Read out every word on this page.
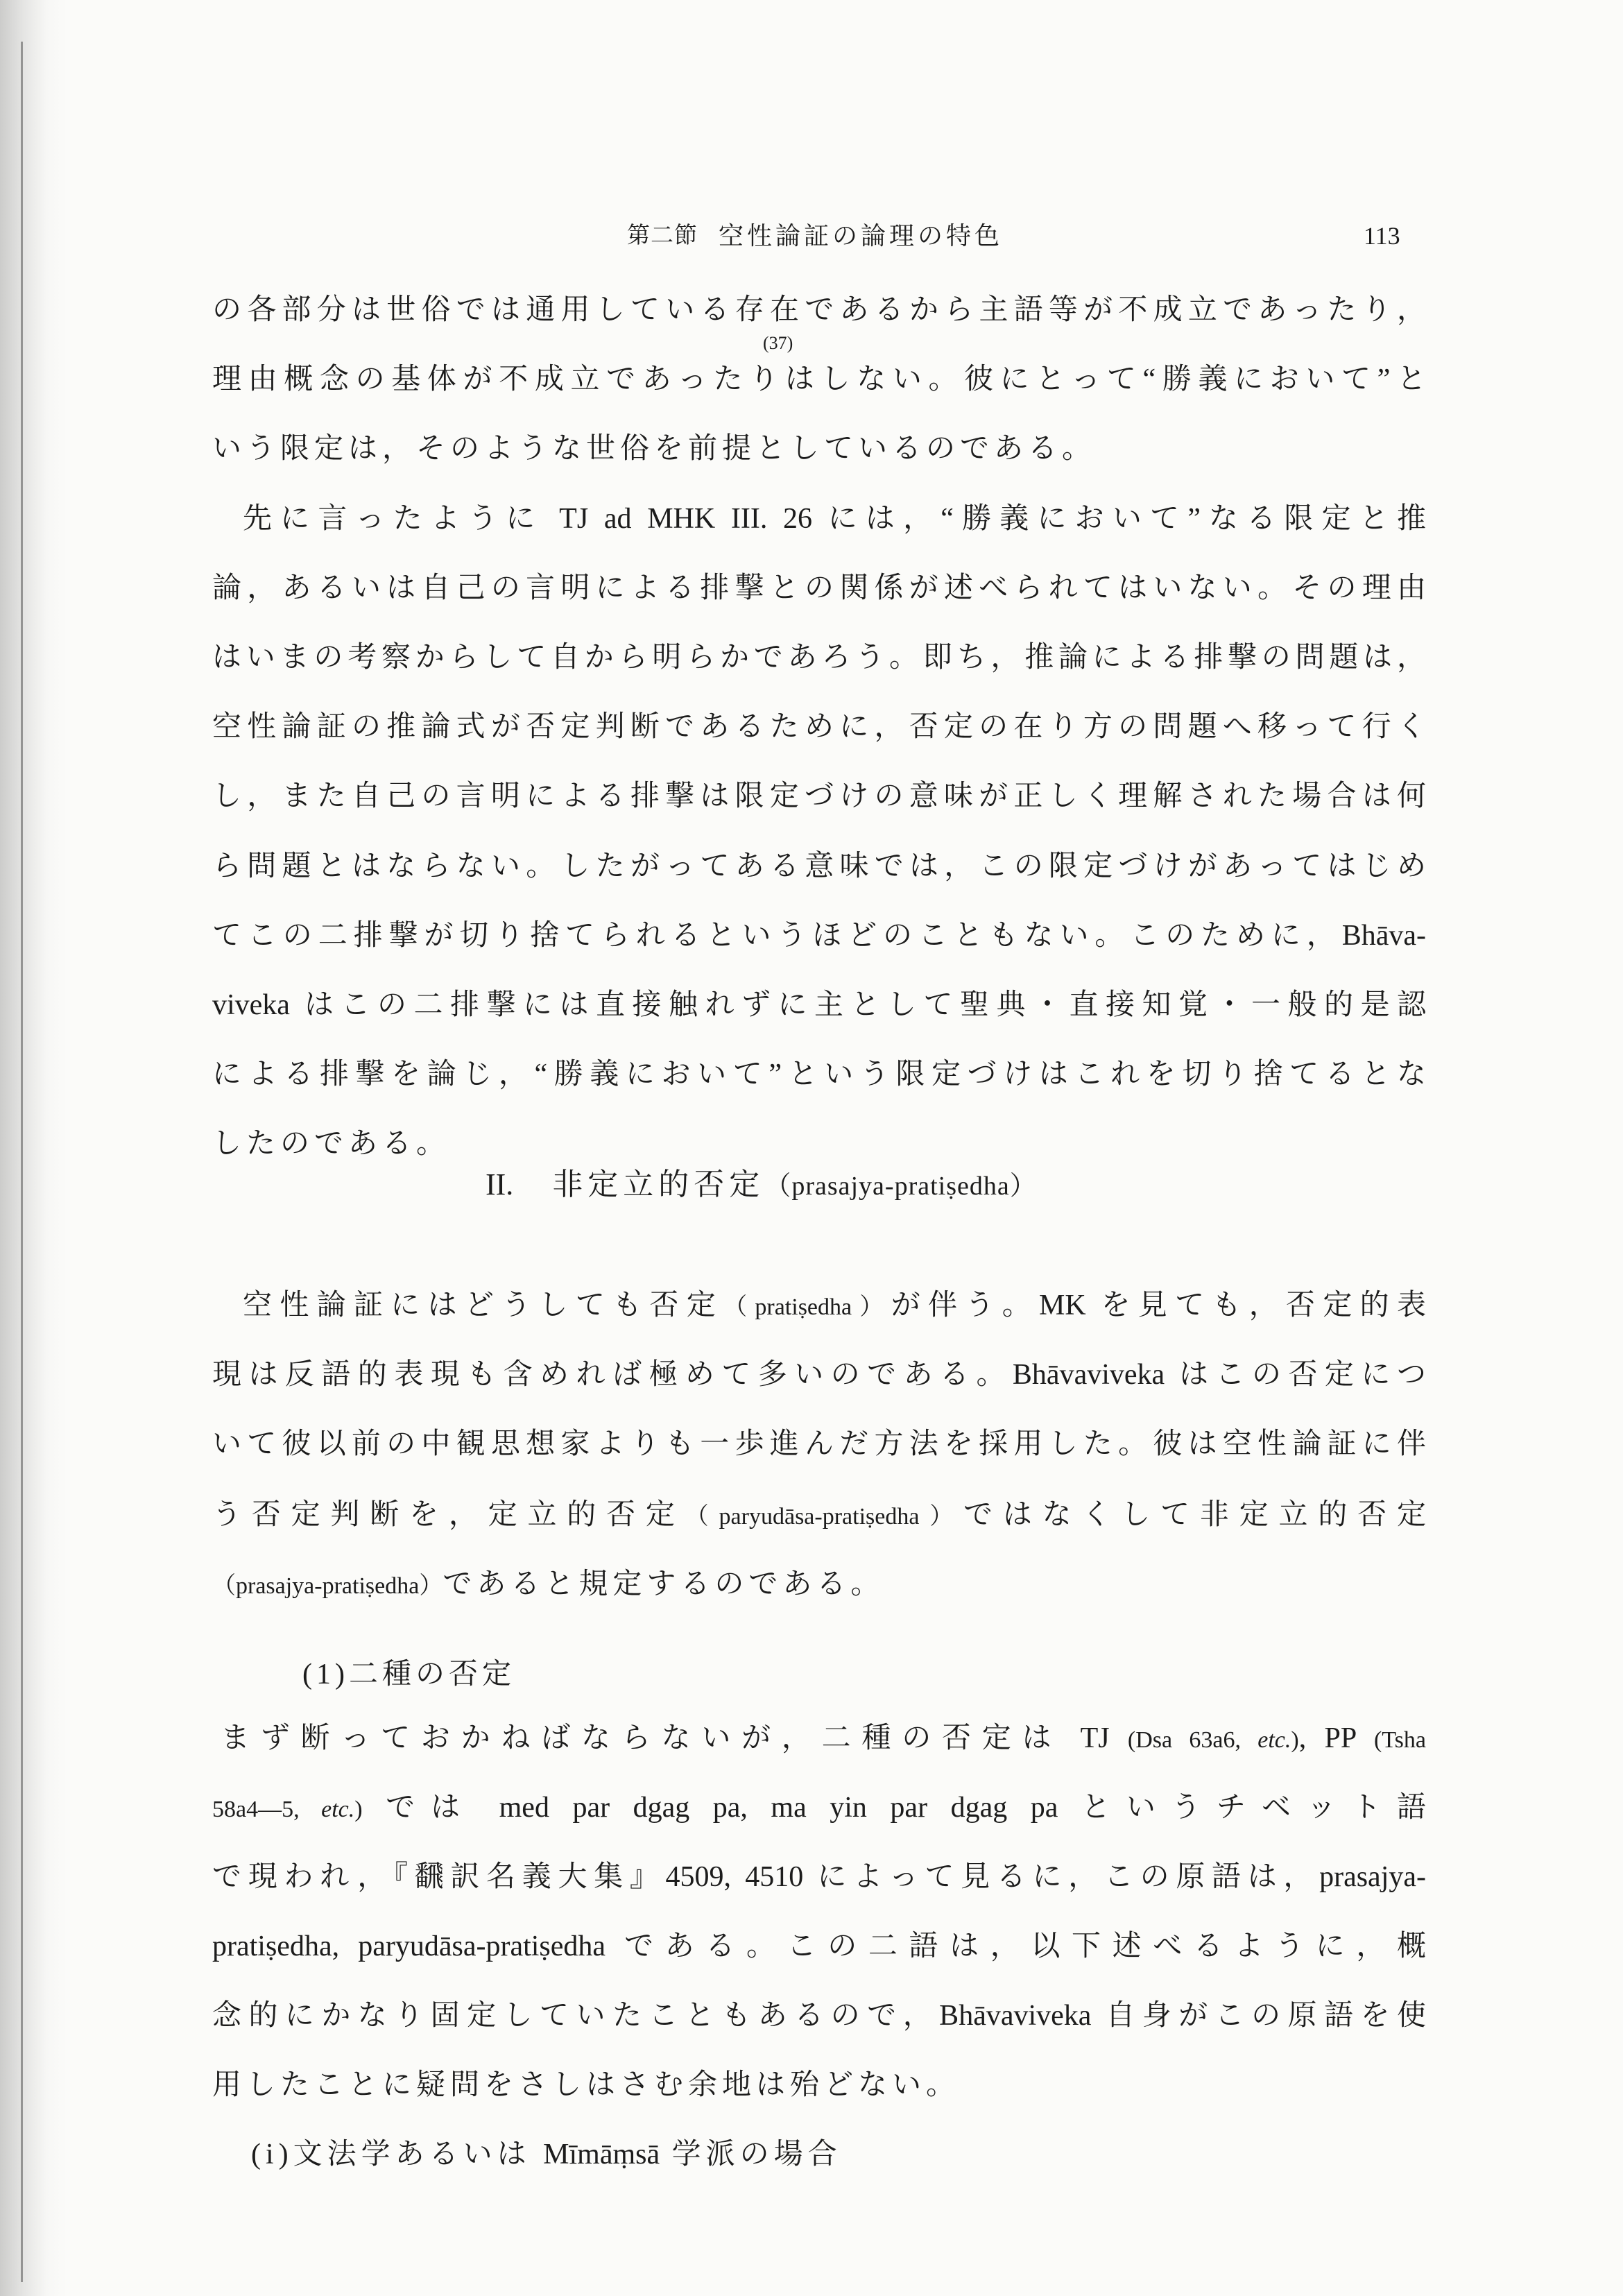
第二節 空性論証の論理の特色	113
の各部分は世俗では通用している存在であるから主語等が不成立であったり，
理由概念の基体が不成立であったりはしない。彼にとって“勝義において”と
(37)
いう限定は，そのような世俗を前提としているのである。
先に言ったように TJ ad MHK III. 26 には，“勝義において”なる限定と推
論，あるいは自己の言明による排撃との関係が述べられてはいない。その理由
はいまの考察からして自から明らかであろう。即ち，推論による排撃の問題は，
空性論証の推論式が否定判断であるために，否定の在り方の問題へ移って行く
し，また自己の言明による排撃は限定づけの意味が正しく理解された場合は何
ら問題とはならない。したがってある意味では，この限定づけがあってはじめ
てこの二排撃が切り捨てられるというほどのこともない。このために，Bhāva-
viveka はこの二排撃には直接触れずに主として聖典・直接知覚・一般的是認
による排撃を論じ，“勝義において”という限定づけはこれを切り捨てるとな
したのである。
II. 非定立的否定（prasajya-pratiṣedha）
空性論証にはどうしても否定（pratiṣedha）が伴う。MK を見ても，否定的表
現は反語的表現も含めれば極めて多いのである。Bhāvaviveka はこの否定につ
いて彼以前の中観思想家よりも一歩進んだ方法を採用した。彼は空性論証に伴
う否定判断を，定立的否定（paryudāsa-pratiṣedha）ではなくして非定立的否定
（prasajya-pratiṣedha）であると規定するのである。
(1)二種の否定
まず断っておかねばならないが，二種の否定は TJ (Dsa 63a6, etc.), PP (Tsha
58a4—5, etc.) では med par dgag pa, ma yin par dgag pa というチベット語
で現われ，『飜訳名義大集』4509, 4510 によって見るに，この原語は，prasajya-
pratiṣedha, paryudāsa-pratiṣedha である。この二語は，以下述べるように，概
念的にかなり固定していたこともあるので，Bhāvaviveka 自身がこの原語を使
用したことに疑問をさしはさむ余地は殆どない。
(i)文法学あるいは Mīmāṃsā 学派の場合
